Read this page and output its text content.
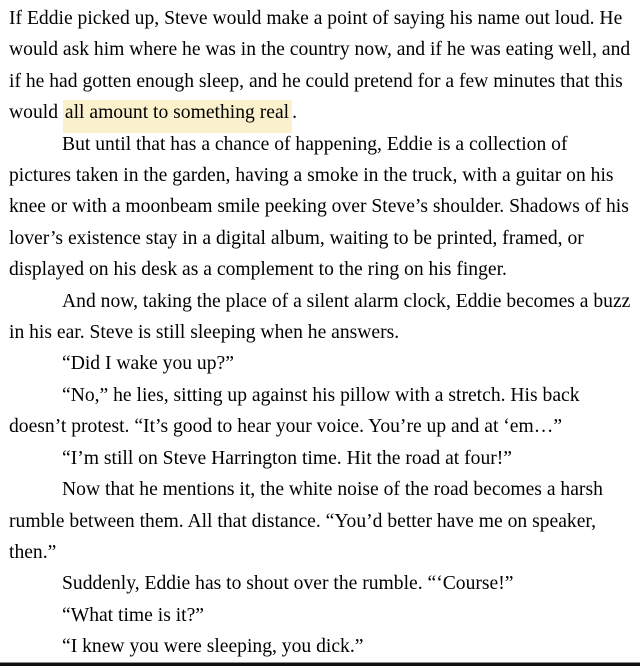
If Eddie picked up, Steve would make a point of saying his name out loud. He would ask him where he was in the country now, and if he was eating well, and if he had gotten enough sleep, and he could pretend for a few minutes that this would all amount to something real .

But until that has a chance of happening, Eddie is a collection of pictures taken in the garden, having a smoke in the truck, with a guitar on his knee or with a moonbeam smile peeking over Steve’s shoulder. Shadows of his lover’s existence stay in a digital album, waiting to be printed, framed, or displayed on his desk as a complement to the ring on his finger.

And now, taking the place of a silent alarm clock, Eddie becomes a buzz in his ear. Steve is still sleeping when he answers.

“Did I wake you up?”

“No,” he lies, sitting up against his pillow with a stretch. His back doesn’t protest. “It’s good to hear your voice. You’re up and at ‘em…”

“I’m still on Steve Harrington time. Hit the road at four!”

Now that he mentions it, the white noise of the road becomes a harsh rumble between them. All that distance. “You’d better have me on speaker, then.”

Suddenly, Eddie has to shout over the rumble. “‘Course!”

“What time is it?”

“I knew you were sleeping, you dick.”
